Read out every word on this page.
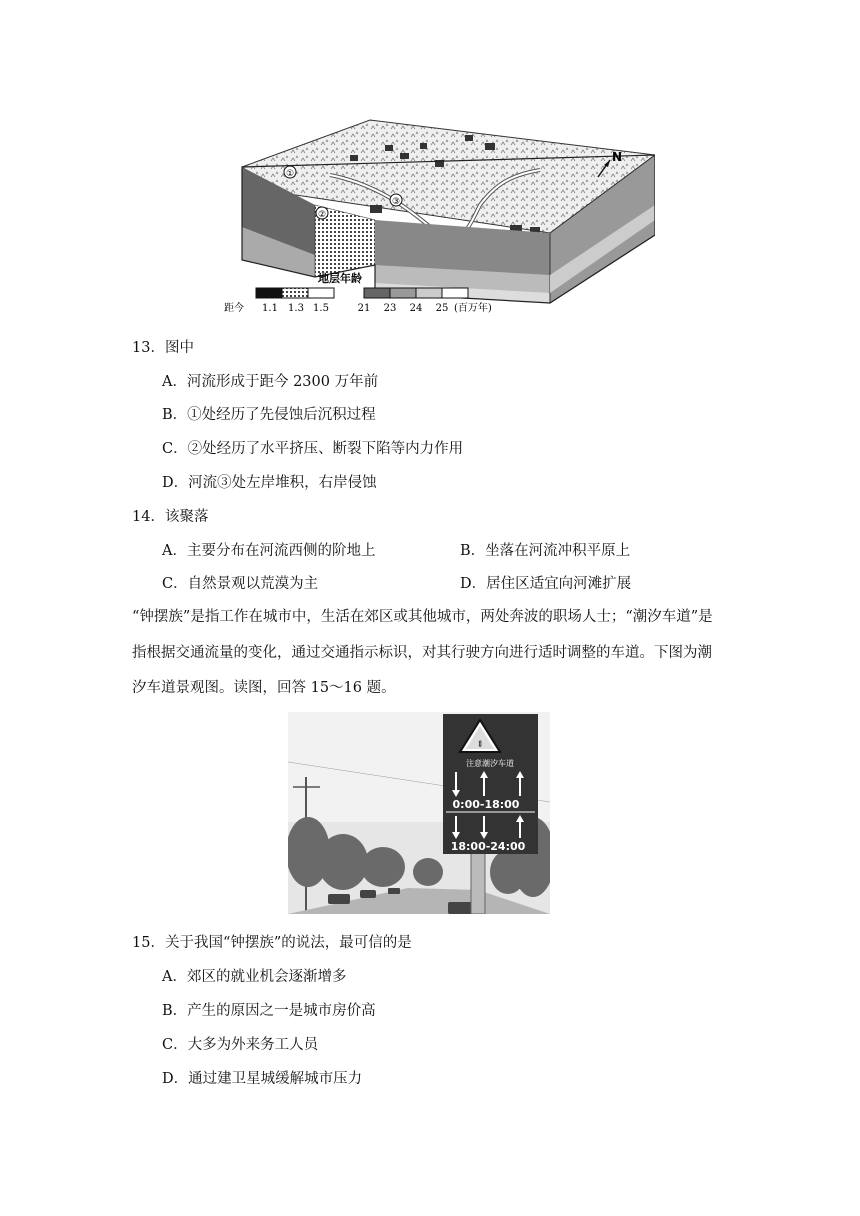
①
②
③
N
地层年龄
距今 1.1 1.3 1.5	21 23 24 25 (百万年)
13．图中
A．河流形成于距今 2300 万年前
B．①处经历了先侵蚀后沉积过程
C．②处经历了水平挤压、断裂下陷等内力作用
D．河流③处左岸堆积，右岸侵蚀
14．该聚落
A．主要分布在河流西侧的阶地上	B．坐落在河流冲积平原上
C．自然景观以荒漠为主	D．居住区适宜向河滩扩展
“钟摆族”是指工作在城市中，生活在郊区或其他城市，两处奔波的职场人士；“潮汐车道”是
指根据交通流量的变化，通过交通指示标识，对其行驶方向进行适时调整的车道。下图为潮
汐车道景观图。读图，回答 15～16 题。
⇕
注意潮汐车道
0:00-18:00
18:00-24:00
15．关于我国“钟摆族”的说法，最可信的是
A．郊区的就业机会逐渐增多
B．产生的原因之一是城市房价高
C．大多为外来务工人员
D．通过建卫星城缓解城市压力
